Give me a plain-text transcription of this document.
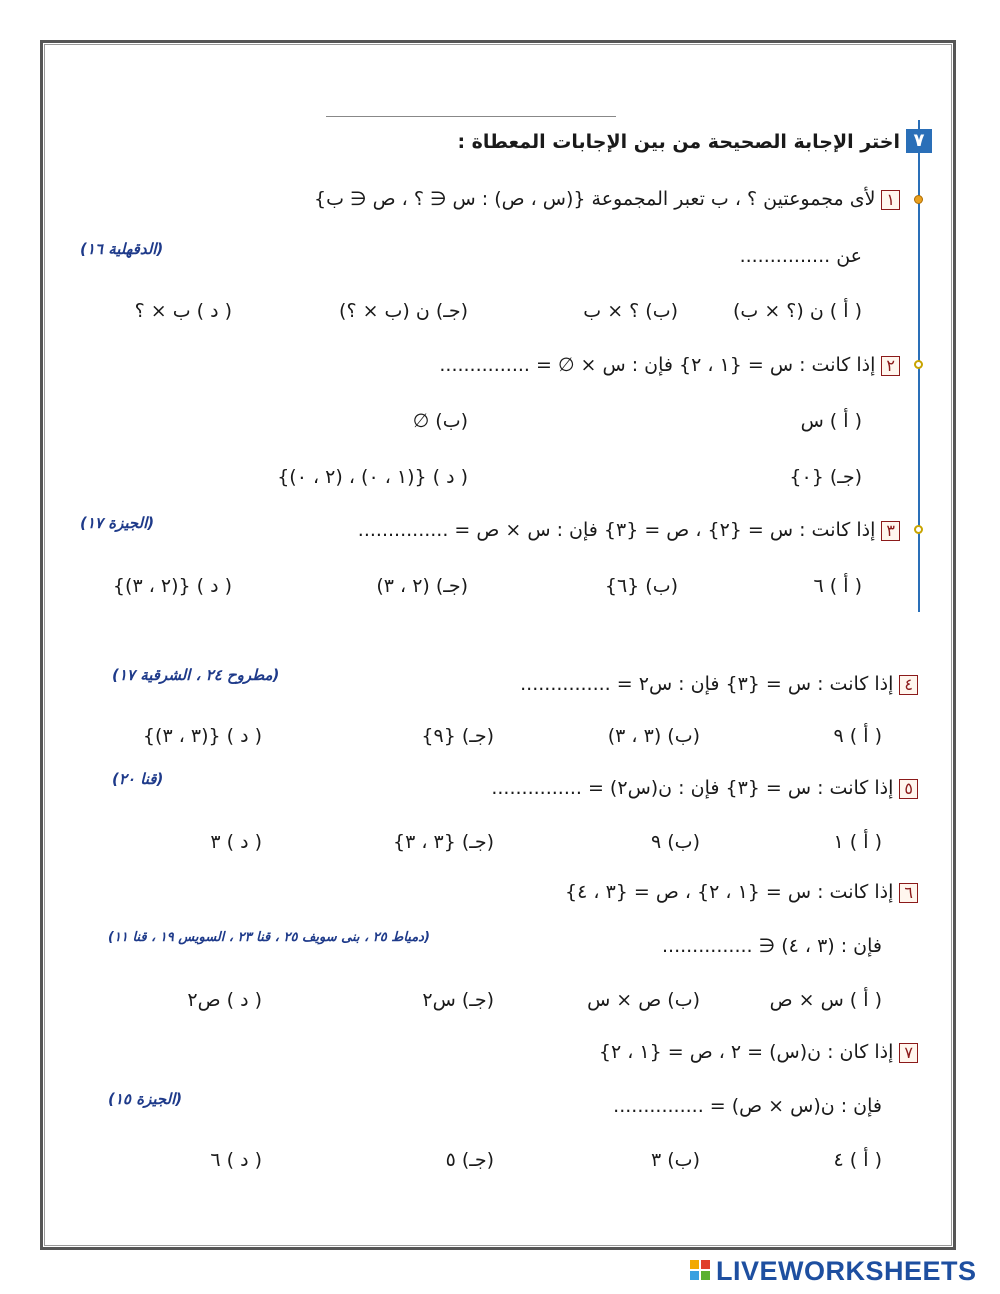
٧
اختر الإجابة الصحيحة من بين الإجابات المعطاة :
١لأى مجموعتين ؟ ، ب تعبر المجموعة {(س ، ص) : س ∈ ؟ ، ص ∈ ب}
عن ...............
(الدقهلية ١٦)
( أ ) ن (؟ × ب)
(ب) ؟ × ب
(جـ) ن (ب × ؟)
( د ) ب × ؟
٢إذا كانت : س = {١ ، ٢} فإن : س × ∅ = ...............
( أ ) س
(ب) ∅
(جـ) {٠}
( د ) {(١ ، ٠) ، (٢ ، ٠)}
٣إذا كانت : س = {٢} ، ص = {٣} فإن : س × ص = ...............
(الجيزة ١٧)
( أ ) ٦
(ب) {٦}
(جـ) (٢ ، ٣)
( د ) {(٢ ، ٣)}
٤إذا كانت : س = {٣} فإن : س٢ = ...............
(مطروح ٢٤ ، الشرقية ١٧)
( أ ) ٩
(ب) (٣ ، ٣)
(جـ) {٩}
( د ) {(٣ ، ٣)}
٥إذا كانت : س = {٣} فإن : ن(س٢) = ...............
(قنا ٢٠)
( أ ) ١
(ب) ٩
(جـ) {٣ ، ٣}
( د ) ٣
٦إذا كانت : س = {١ ، ٢} ، ص = {٣ ، ٤}
فإن : (٣ ، ٤) ∈ ...............
(دمياط ٢٥ ، بنى سويف ٢٥ ، قنا ٢٣ ، السويس ١٩ ، قنا ١١)
( أ ) س × ص
(ب) ص × س
(جـ) س٢
( د ) ص٢
٧إذا كان : ن(س) = ٢ ، ص = {١ ، ٢}
فإن : ن(س × ص) = ...............
(الجيزة ١٥)
( أ ) ٤
(ب) ٣
(جـ) ٥
( د ) ٦
LIVEWORKSHEETS
